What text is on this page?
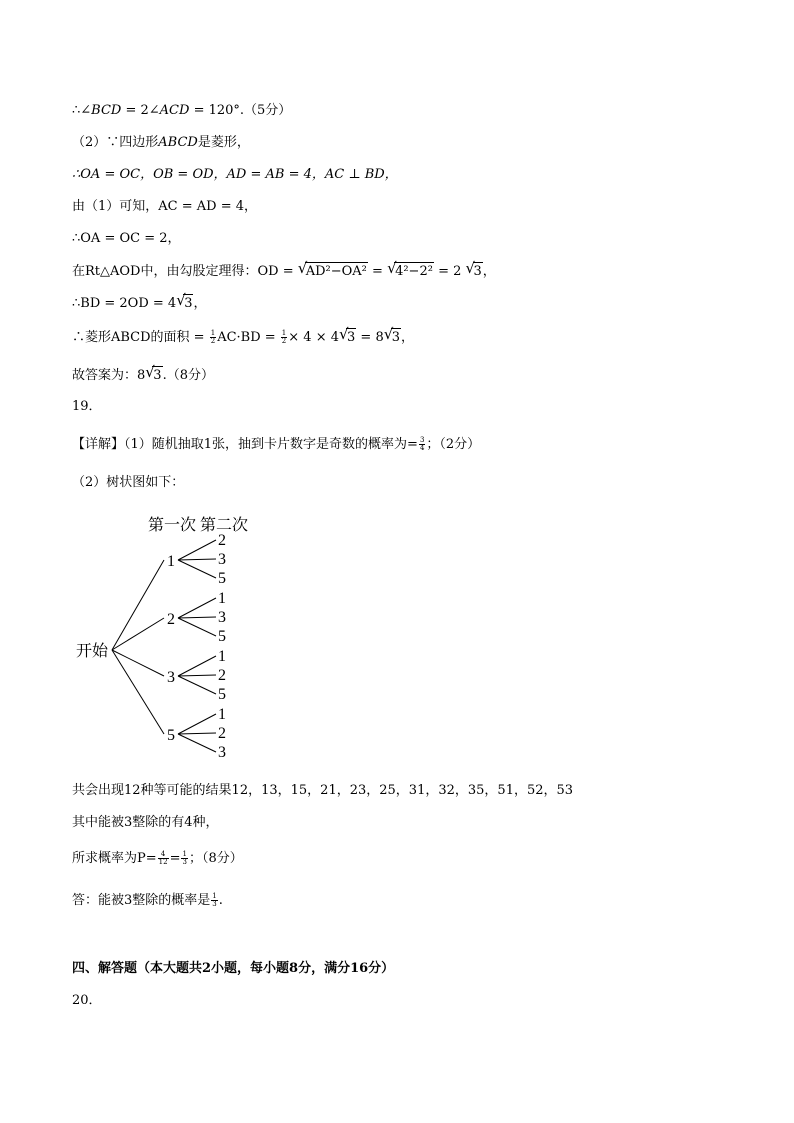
∴∠BCD = 2∠ACD = 120°.（5分）
（2）∵四边形ABCD是菱形，
∴OA = OC，OB = OD，AD = AB = 4，AC ⊥ BD，
由（1）可知，AC = AD = 4，
∴OA = OC = 2，
在Rt△AOD中，由勾股定理得：OD = √
AD²−OA² = √
4²−2² = 2 √
3，
∴BD = 2OD = 4 √
3，
∴菱形ABCD的面积 = $\frac{1}{2} AC\cdot BD = \frac{1}{2} \times 4 \times 4$ √
3 = 8 √
3，
故答案为：8 √
3.（8分）
19．
【详解】（1）随机抽取1张，抽到卡片数字是奇数的概率为= $\frac{3}{4}$ ；（2分）
（2）树状图如下：
第一次 第二次
开始
1
2
3
5
2
3
5
1
3
5
1
2
5
1
2
3
共会出现12种等可能的结果12，13，15，21，23，25，31，32，35，51，52，53
其中能被3整除的有4种，
所求概率为$P= \frac{4}{12} = \frac{1}{3}$ ；（8分）
答：能被3整除的概率是 $\frac{1}{3}$ .
四、解答题（本大题共2小题，每小题8分，满分16分）
20．
